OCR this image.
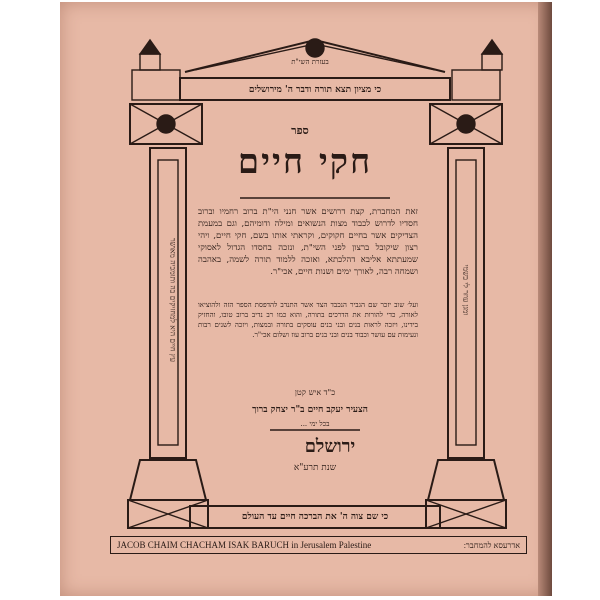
בעזרת השי"ת
כי מציון תצא תורה ודבר ה' מירושלים
ספר
חקי חיים
זאת המחברת, קצת דרושים אשר חנני הי"ת ברוב רחמיו וברוב חסדיו לדרוש לכבוד מצות הנשואים ומילה ודומיהם, וגם במעמת הצדיקים אשר בחיים חקוקים, וקראתי אותו בשם, חקי חיים, ויהי רצון שיקובל ברצון לפני השי"ת, ונזכה בחסדו הגדול לאסוקי שמעתתא אליבא דהלכתא, ואזכה ללמוד תורה לשמה, באהבה ושמחה רבה, לאורך ימים ושנות חיים, אכי"ר.
ועל׳ שוב יזכר שם הגביר הנכבד הצד אשר התנדב להדפסת הספר הזה ולהוציאו לאורה, כדי להורות את הדרכים בתורה, והוא כמו רב נדיב ברוב טובו, והחזיק בידינו, ויזכה לראות בנים ובני בנים עוסקים בתורה ובמצות, ויזכה לשנים רבות ונעימות עם עושר וכבוד בנים ובני בנים ברוב עוז ושלום אכי"ר.
כ"ד איש קטן
הצעיר יעקב חיים ב"ר יצחק ברוך
בכל ימי ...
ירושלם
שנת תרע"א
כי שם צוה ה' את הברכה חיים עד העולם
עץ חיים היא למחזיקים בה ותומכיה מאושר	ומגן עוזר לי בשמי
JACOB CHAIM CHACHAM ISAK BARUCH in Jerusalem Palestine	אדרעסא להמחבר:
